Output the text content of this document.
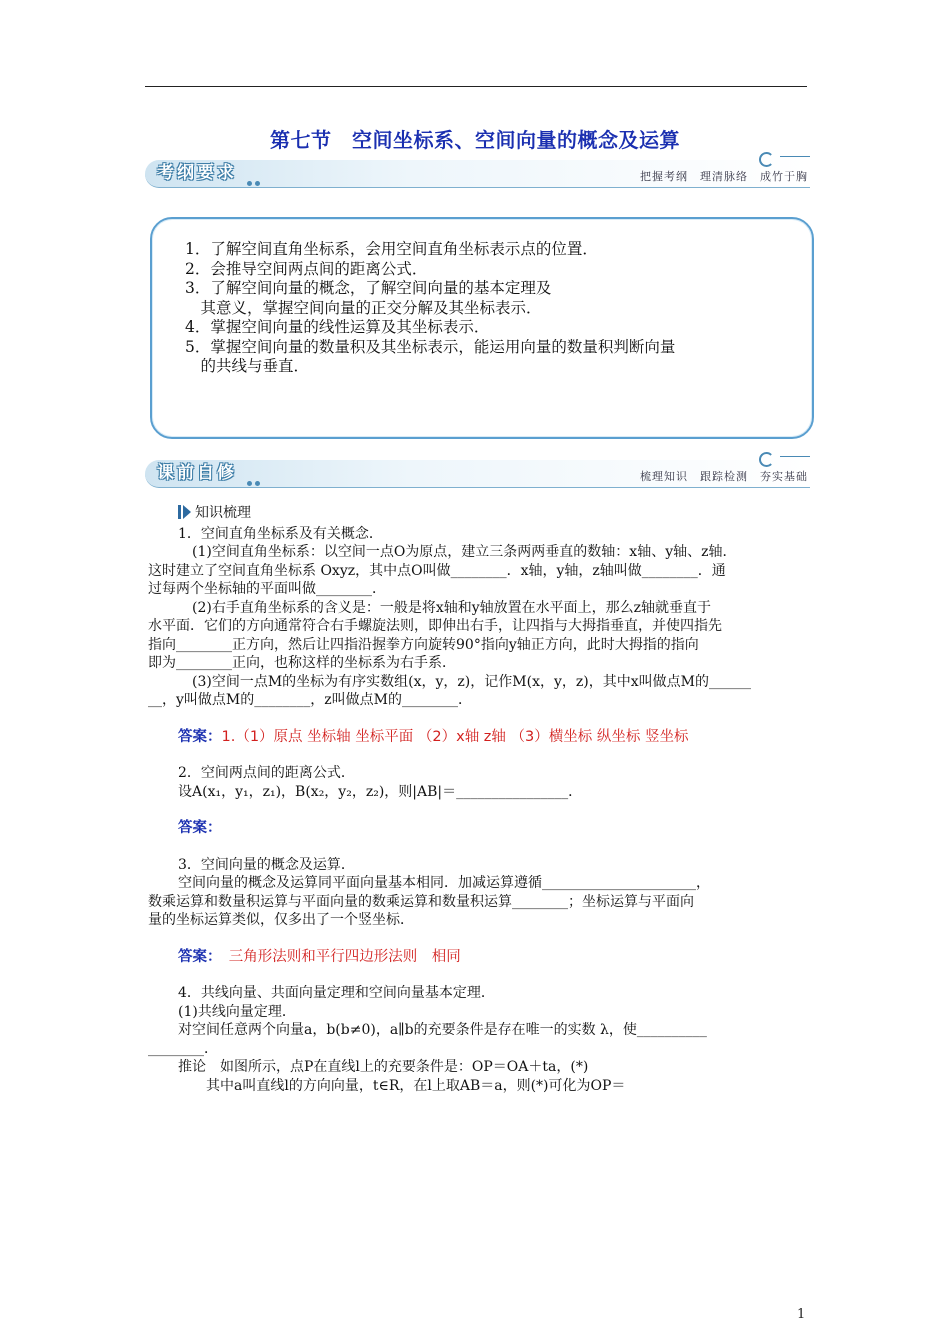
第七节　空间坐标系、空间向量的概念及运算
考纲要求	把握考纲　理清脉络　成竹于胸
1．了解空间直角坐标系，会用空间直角坐标表示点的位置．
2．会推导空间两点间的距离公式．
3．了解空间向量的概念，了解空间向量的基本定理及
　其意义，掌握空间向量的正交分解及其坐标表示．
4．掌握空间向量的线性运算及其坐标表示．
5．掌握空间向量的数量积及其坐标表示，能运用向量的数量积判断向量
　的共线与垂直．
课前自修	梳理知识　跟踪检测　夯实基础

知识梳理

1．空间直角坐标系及有关概念．

　(1)空间直角坐标系：以空间一点O为原点，建立三条两两垂直的数轴：x轴、y轴、z轴．

这时建立了空间直角坐标系 Oxyz，其中点O叫做________．x轴，y轴，z轴叫做________．通

过每两个坐标轴的平面叫做________．

　(2)右手直角坐标系的含义是：一般是将x轴和y轴放置在水平面上，那么z轴就垂直于

水平面．它们的方向通常符合右手螺旋法则，即伸出右手，让四指与大拇指垂直，并使四指先

指向________正方向，然后让四指沿握拳方向旋转90°指向y轴正方向，此时大拇指的指向

即为________正向，也称这样的坐标系为右手系．

　(3)空间一点M的坐标为有序实数组(x，y，z)，记作M(x，y，z)，其中x叫做点M的______

__，y叫做点M的________，z叫做点M的________．

答案：1.（1）原点 坐标轴 坐标平面 （2）x轴 z轴 （3）横坐标 纵坐标 竖坐标

2．空间两点间的距离公式．

设A(x₁，y₁，z₁)，B(x₂，y₂，z₂)，则|AB|＝________________．

答案：

3．空间向量的概念及运算．

空间向量的概念及运算同平面向量基本相同．加减运算遵循______________________，

数乘运算和数量积运算与平面向量的数乘运算和数量积运算________；坐标运算与平面向

量的坐标运算类似，仅多出了一个竖坐标．

答案：　三角形法则和平行四边形法则　相同

4．共线向量、共面向量定理和空间向量基本定理．

(1)共线向量定理．

对空间任意两个向量a，b(b≠0)，a∥b的充要条件是存在唯一的实数 λ，使__________

________．

推论　如图所示，点P在直线l上的充要条件是：OP＝OA＋ta，(*)

　　其中a叫直线l的方向向量，t∈R，在l上取AB＝a，则(*)可化为OP＝

1
